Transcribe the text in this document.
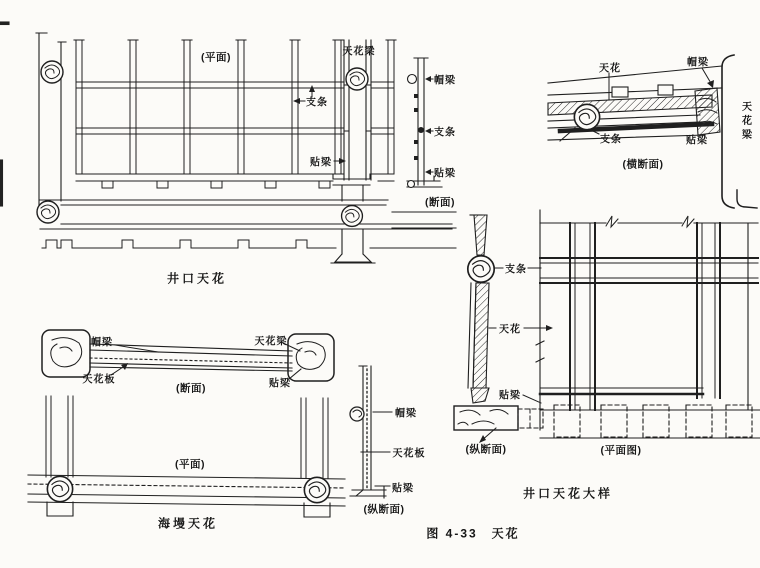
(平面)	天花梁
支条
贴梁
井口天花
帽梁
支条
贴梁
(断面)
天花
帽梁
支条	贴梁
(横断面)
天花梁
帽梁	天花梁
天花板	贴梁
(断面)
(平面)
海墁天花
帽梁
天花板
贴梁
(纵断面)
支条
天花
贴梁
(纵断面)	(平面图)
井口天花大样
图 4-33　天花
